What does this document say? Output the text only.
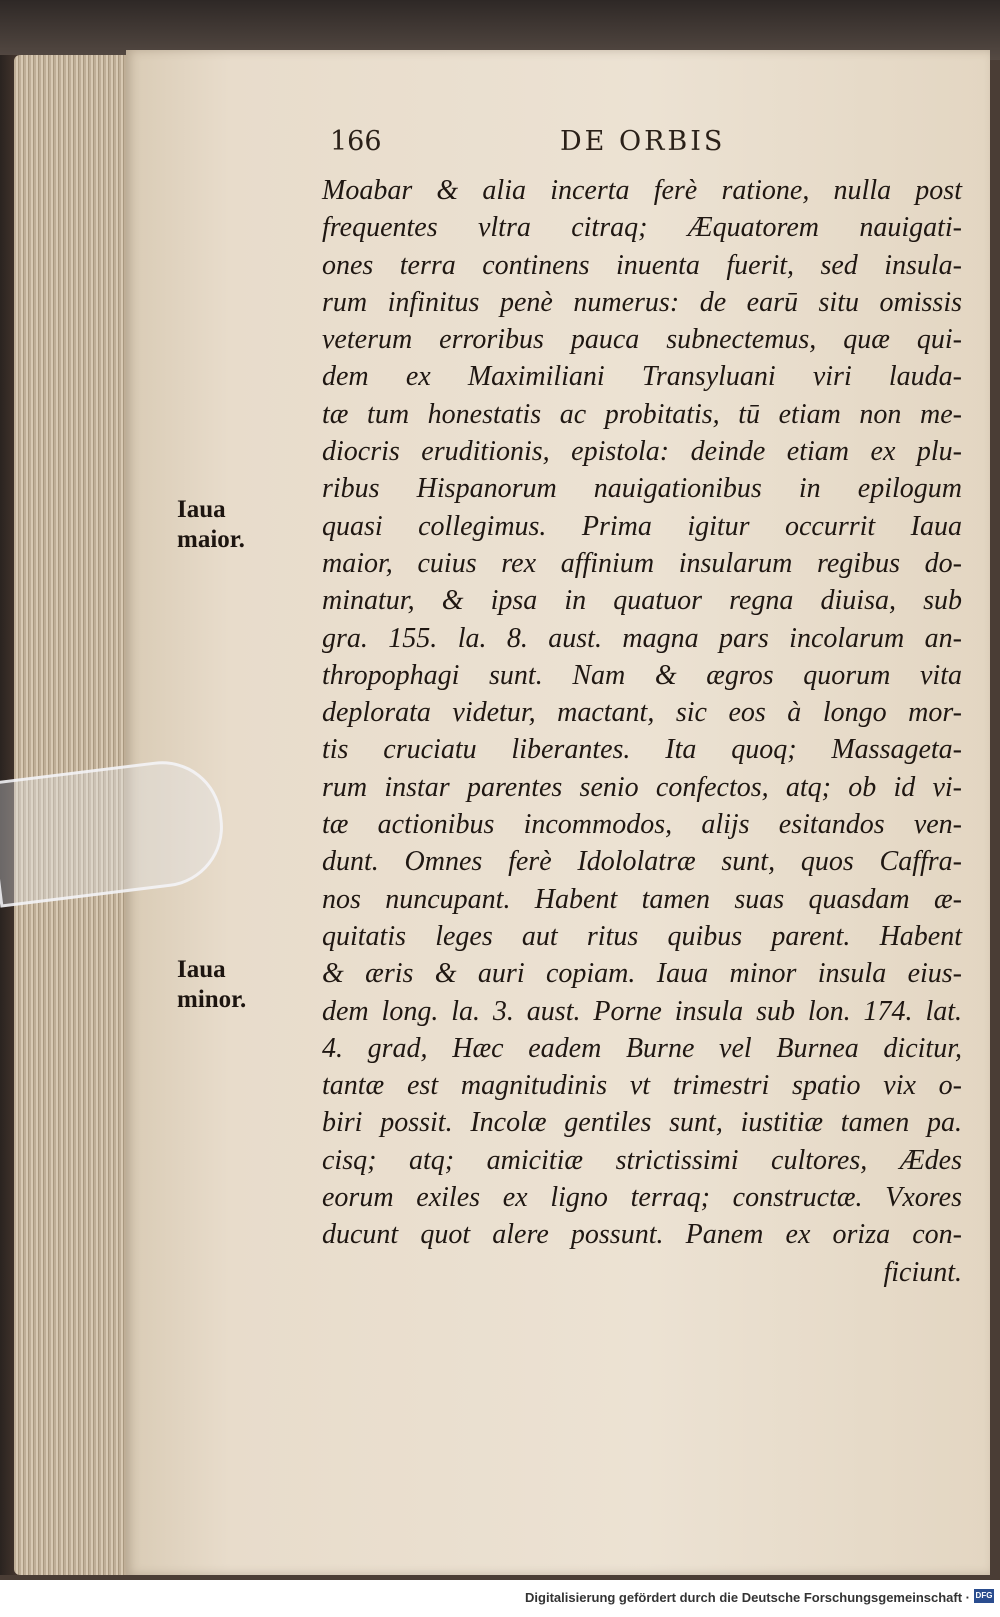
166	DE ORBIS
Iaua
maior.
Iaua
minor.
Moabar & alia incerta ferè ratione, nulla post
frequentes vltra citraq; Æquatorem nauigati-
ones terra continens inuenta fuerit, sed insula-
rum infinitus penè numerus: de earū situ omissis
veterum erroribus pauca subnectemus, quæ qui-
dem ex Maximiliani Transyluani viri lauda-
tæ tum honestatis ac probitatis, tū etiam non me-
diocris eruditionis, epistola: deinde etiam ex plu-
ribus Hispanorum nauigationibus in epilogum
quasi collegimus. Prima igitur occurrit Iaua
maior, cuius rex affinium insularum regibus do-
minatur, & ipsa in quatuor regna diuisa, sub
gra. 155. la. 8. aust. magna pars incolarum an-
thropophagi sunt. Nam & ægros quorum vita
deplorata videtur, mactant, sic eos à longo mor-
tis cruciatu liberantes. Ita quoq; Massageta-
rum instar parentes senio confectos, atq; ob id vi-
tæ actionibus incommodos, alijs esitandos ven-
dunt. Omnes ferè Idololatræ sunt, quos Caffra-
nos nuncupant. Habent tamen suas quasdam æ-
quitatis leges aut ritus quibus parent. Habent
& æris & auri copiam. Iaua minor insula eius-
dem long. la. 3. aust. Porne insula sub lon. 174. lat.
4. grad, Hæc eadem Burne vel Burnea dicitur,
tantæ est magnitudinis vt trimestri spatio vix o-
biri possit. Incolæ gentiles sunt, iustitiæ tamen pa.
cisq; atq; amicitiæ strictissimi cultores, Ædes
eorum exiles ex ligno terraq; constructæ. Vxores
ducunt quot alere possunt. Panem ex oriza con-
ficiunt.
Digitalisierung gefördert durch die Deutsche Forschungsgemeinschaft · DFG
